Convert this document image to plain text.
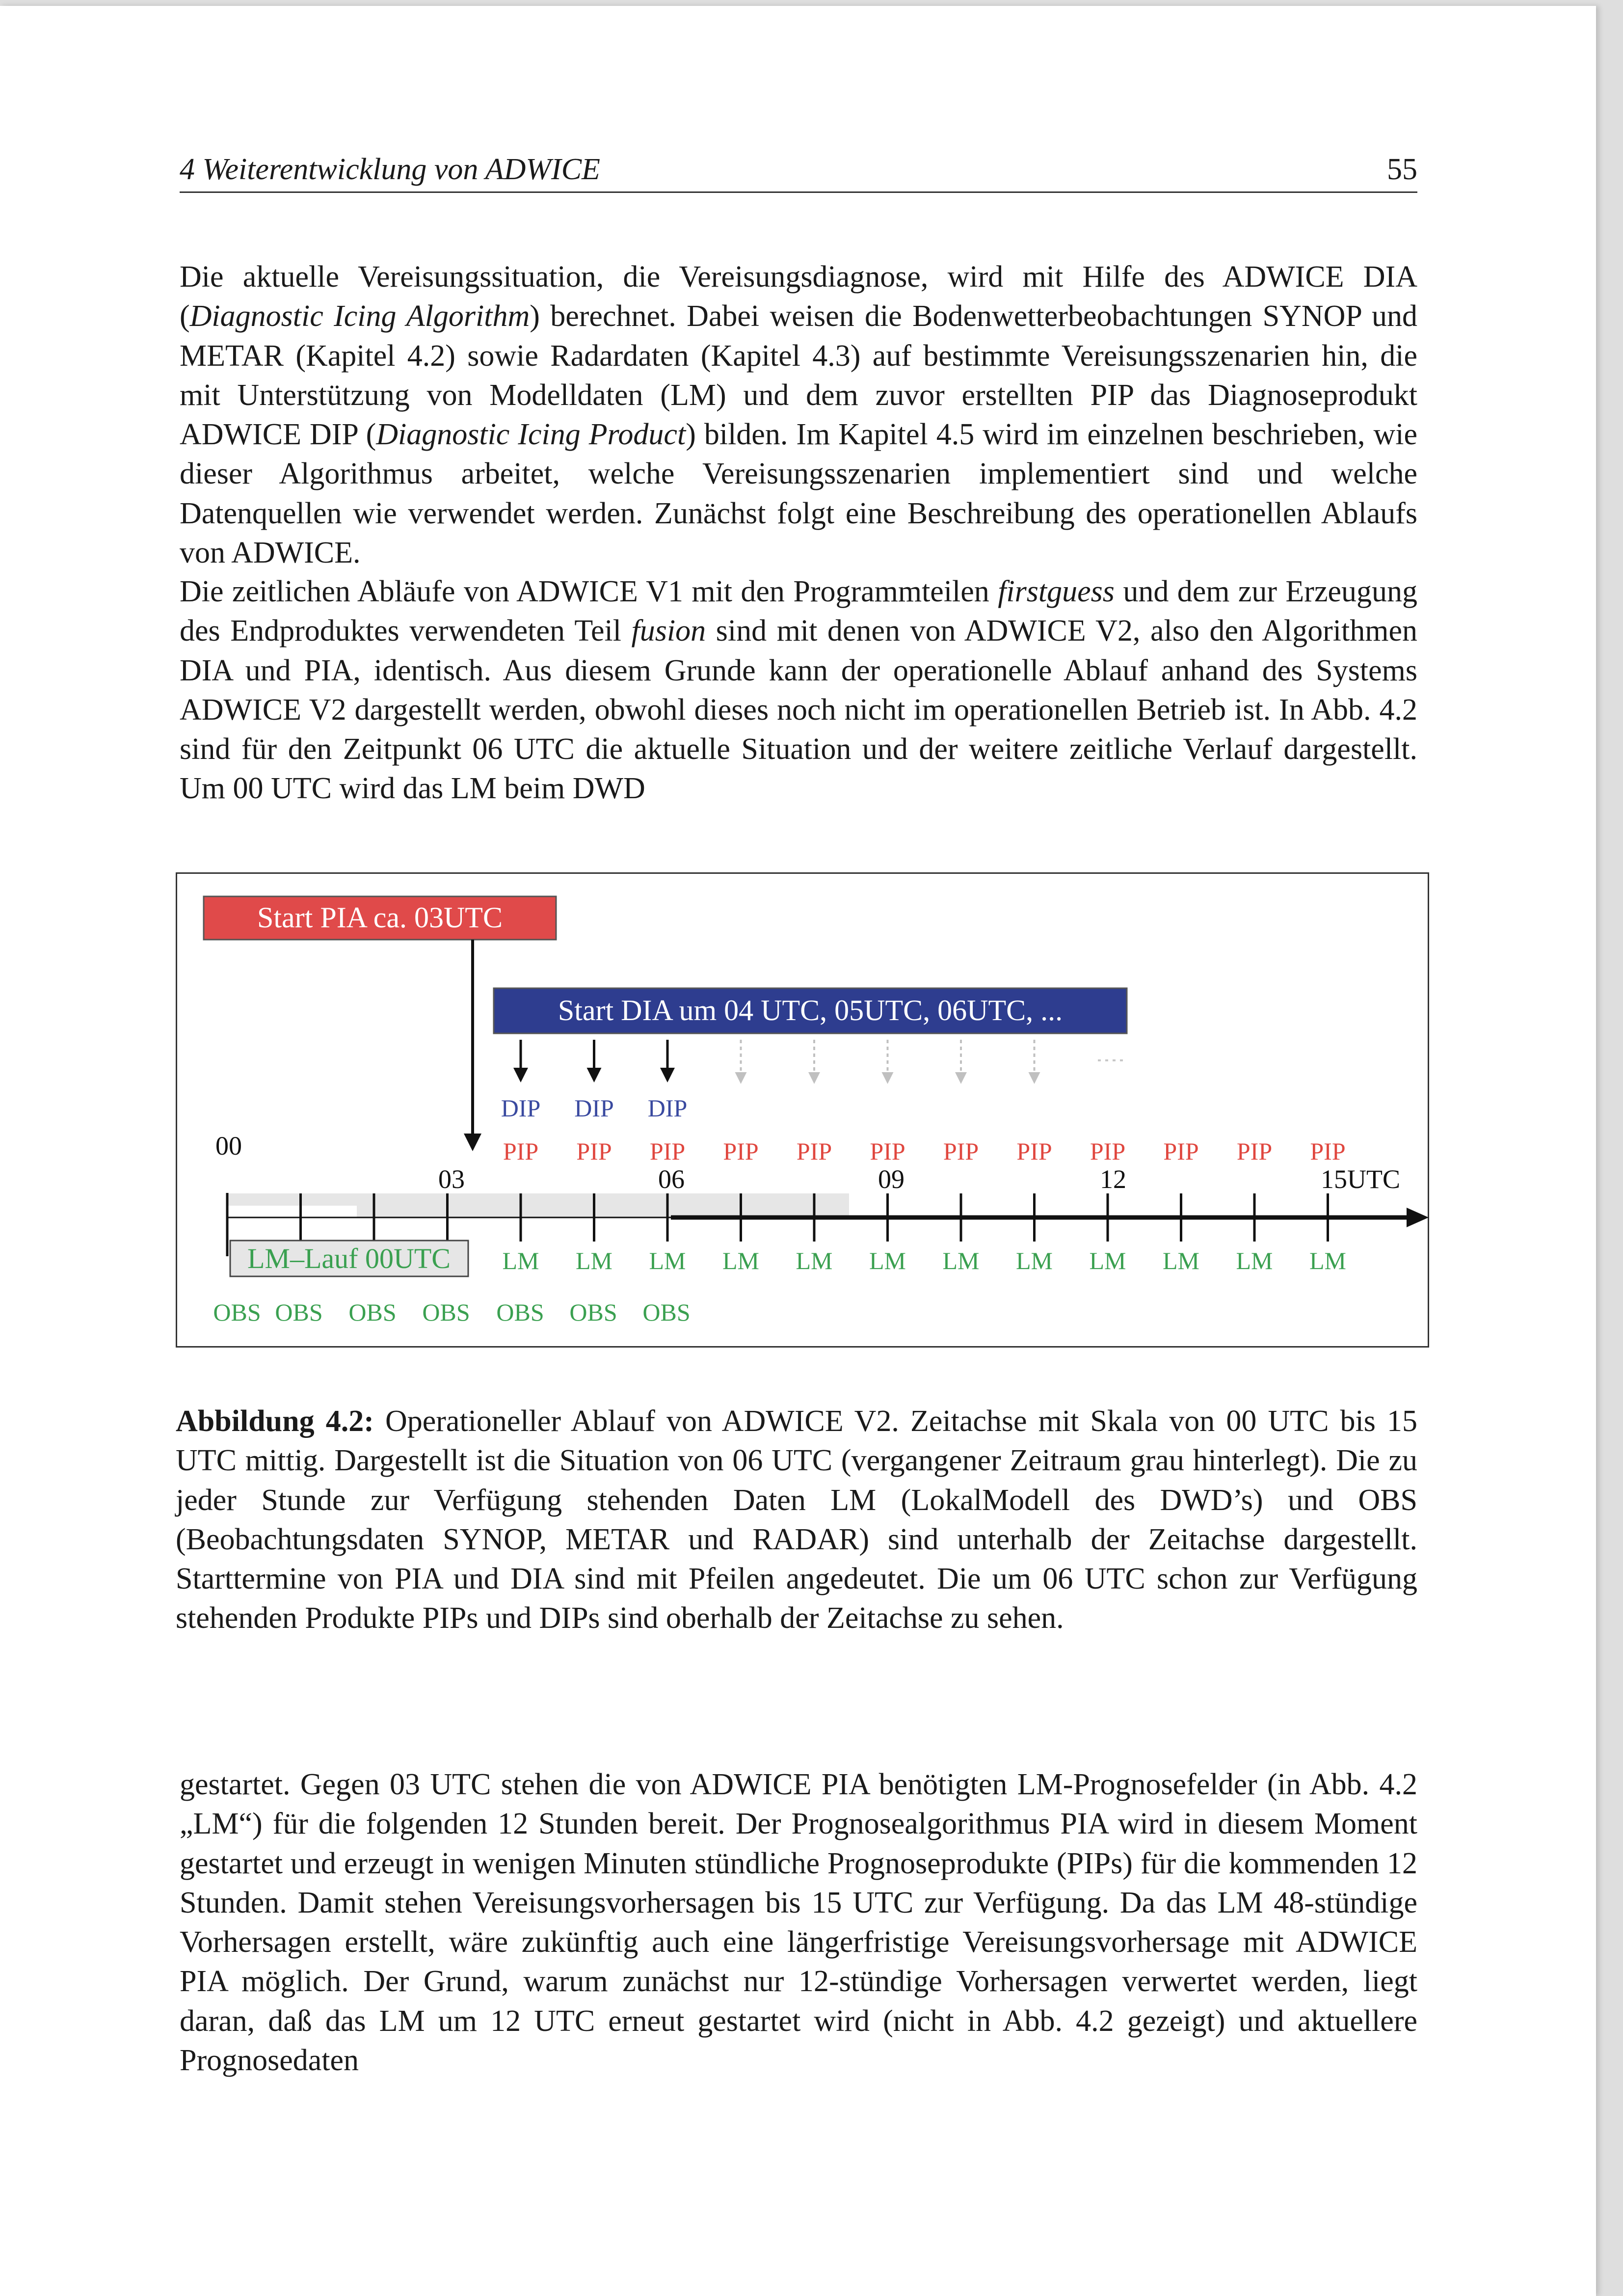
4 Weiterentwicklung von ADWICE	55

Die aktuelle Vereisungssituation, die Vereisungsdiagnose, wird mit Hilfe des ADWICE DIA (Diagnostic Icing Algorithm) berechnet. Dabei weisen die Bodenwetterbeobachtungen SYNOP und METAR (Kapitel 4.2) sowie Radardaten (Kapitel 4.3) auf bestimmte Vereisungsszenarien hin, die mit Unterstützung von Modelldaten (LM) und dem zuvor erstellten PIP das Diagnoseprodukt ADWICE DIP (Diagnostic Icing Product) bilden. Im Kapitel 4.5 wird im einzelnen beschrieben, wie dieser Algorithmus arbeitet, welche Vereisungsszenarien implementiert sind und welche Datenquellen wie verwendet werden. Zunächst folgt eine Beschreibung des operationellen Ablaufs von ADWICE.

Die zeitlichen Abläufe von ADWICE V1 mit den Programmteilen firstguess und dem zur Erzeugung des Endproduktes verwendeten Teil fusion sind mit denen von ADWICE V2, also den Algorithmen DIA und PIA, identisch. Aus diesem Grunde kann der operationelle Ablauf anhand des Systems ADWICE V2 dargestellt werden, obwohl dieses noch nicht im operationellen Betrieb ist. In Abb. 4.2 sind für den Zeitpunkt 06 UTC die aktuelle Situation und der weitere zeitliche Verlauf dargestellt. Um 00 UTC wird das LM beim DWD

Start PIA ca. 03UTC
Start DIA um 04 UTC, 05UTC, 06UTC, ...
DIP DIP DIP
PIP PIP PIP PIP PIP PIP PIP PIP PIP PIP PIP PIP
00
03	06	09	12	15UTC
LM–Lauf 00UTC LM LM LM LM LM LM LM LM LM LM LM LM
OBS OBS OBS OBS OBS OBS OBS

Abbildung 4.2: Operationeller Ablauf von ADWICE V2. Zeitachse mit Skala von 00 UTC bis 15 UTC mittig. Dargestellt ist die Situation von 06 UTC (vergangener Zeitraum grau hinterlegt). Die zu jeder Stunde zur Verfügung stehenden Daten LM (LokalModell des DWD’s) und OBS (Beobachtungsdaten SYNOP, METAR und RADAR) sind unterhalb der Zeitachse dargestellt. Starttermine von PIA und DIA sind mit Pfeilen angedeutet. Die um 06 UTC schon zur Verfügung stehenden Produkte PIPs und DIPs sind oberhalb der Zeitachse zu sehen.

gestartet. Gegen 03 UTC stehen die von ADWICE PIA benötigten LM-Prognosefelder (in Abb. 4.2 „LM“) für die folgenden 12 Stunden bereit. Der Prognosealgorithmus PIA wird in diesem Moment gestartet und erzeugt in wenigen Minuten stündliche Prognoseprodukte (PIPs) für die kommenden 12 Stunden. Damit stehen Vereisungsvorhersagen bis 15 UTC zur Verfügung. Da das LM 48-stündige Vorhersagen erstellt, wäre zukünftig auch eine längerfristige Vereisungsvorhersage mit ADWICE PIA möglich. Der Grund, warum zunächst nur 12-stündige Vorhersagen verwertet werden, liegt daran, daß das LM um 12 UTC erneut gestartet wird (nicht in Abb. 4.2 gezeigt) und aktuellere Prognosedaten
